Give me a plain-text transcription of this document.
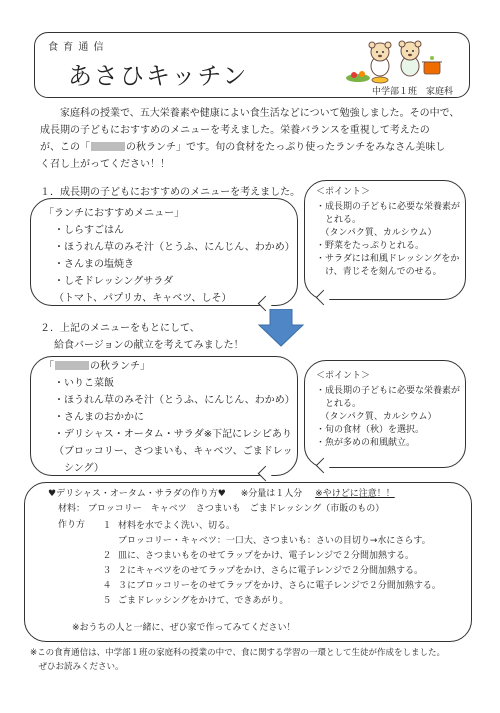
食 育 通 信
あさひキッチン
中学部１班　家庭科
家庭科の授業で、五大栄養素や健康によい食生活などについて勉強しました。その中で、
成長期の子どもにおすすめのメニューを考えました。栄養バランスを重視して考えたの
が、この「	の秋ランチ」です。旬の食材をたっぷり使ったランチをみなさん美味し
く召し上がってください！！
１．成長期の子どもにおすすめのメニューを考えました。
「ランチにおすすめメニュー」
・しらすごはん
・ほうれん草のみそ汁（とうふ、にんじん、わかめ）
・さんまの塩焼き
・しそドレッシングサラダ
（トマト、パプリカ、キャベツ、しそ）
＜ポイント＞
・成長期の子どもに必要な栄養素が
　とれる。
　（タンパク質、カルシウム）
・野菜をたっぷりとれる。
・サラダには和風ドレッシングをか
　け、青じそを刻んでのせる。
２．上記のメニューをもとにして、
給食バージョンの献立を考えてみました！
「	の秋ランチ」
・いりこ菜飯
・ほうれん草のみそ汁（とうふ、にんじん、わかめ）
・さんまのおかかに
・デリシャス・オータム・サラダ※下記にレシピあり
（ブロッコリー、さつまいも、キャベツ、ごまドレッ
　シング）
＜ポイント＞
・成長期の子どもに必要な栄養素が
　とれる。
　（タンパク質、カルシウム）
・旬の食材（秋）を選択。
・魚が多めの和風献立。
♥デリシャス・オータム・サラダの作り方♥ ※分量は１人分 ※やけどに注意！！
材料： ブロッコリー　キャベツ　さつまいも　ごまドレッシング（市販のもの）
作り方 １ 材料を水でよく洗い、切る。
ブロッコリー・キャベツ：一口大、さつまいも：さいの目切り→水にさらす。
２ 皿に、さつまいもをのせてラップをかけ、電子レンジで２分間加熱する。
３ ２にキャベツをのせてラップをかけ、さらに電子レンジで２分間加熱する。
４ ３にブロッコリーをのせてラップをかけ、さらに電子レンジで２分間加熱する。
５ ごまドレッシングをかけて、できあがり。
※おうちの人と一緒に、ぜひ家で作ってみてください！
※この食育通信は、中学部１班の家庭科の授業の中で、食に関する学習の一環として生徒が作成をしました。
　ぜひお読みください。
